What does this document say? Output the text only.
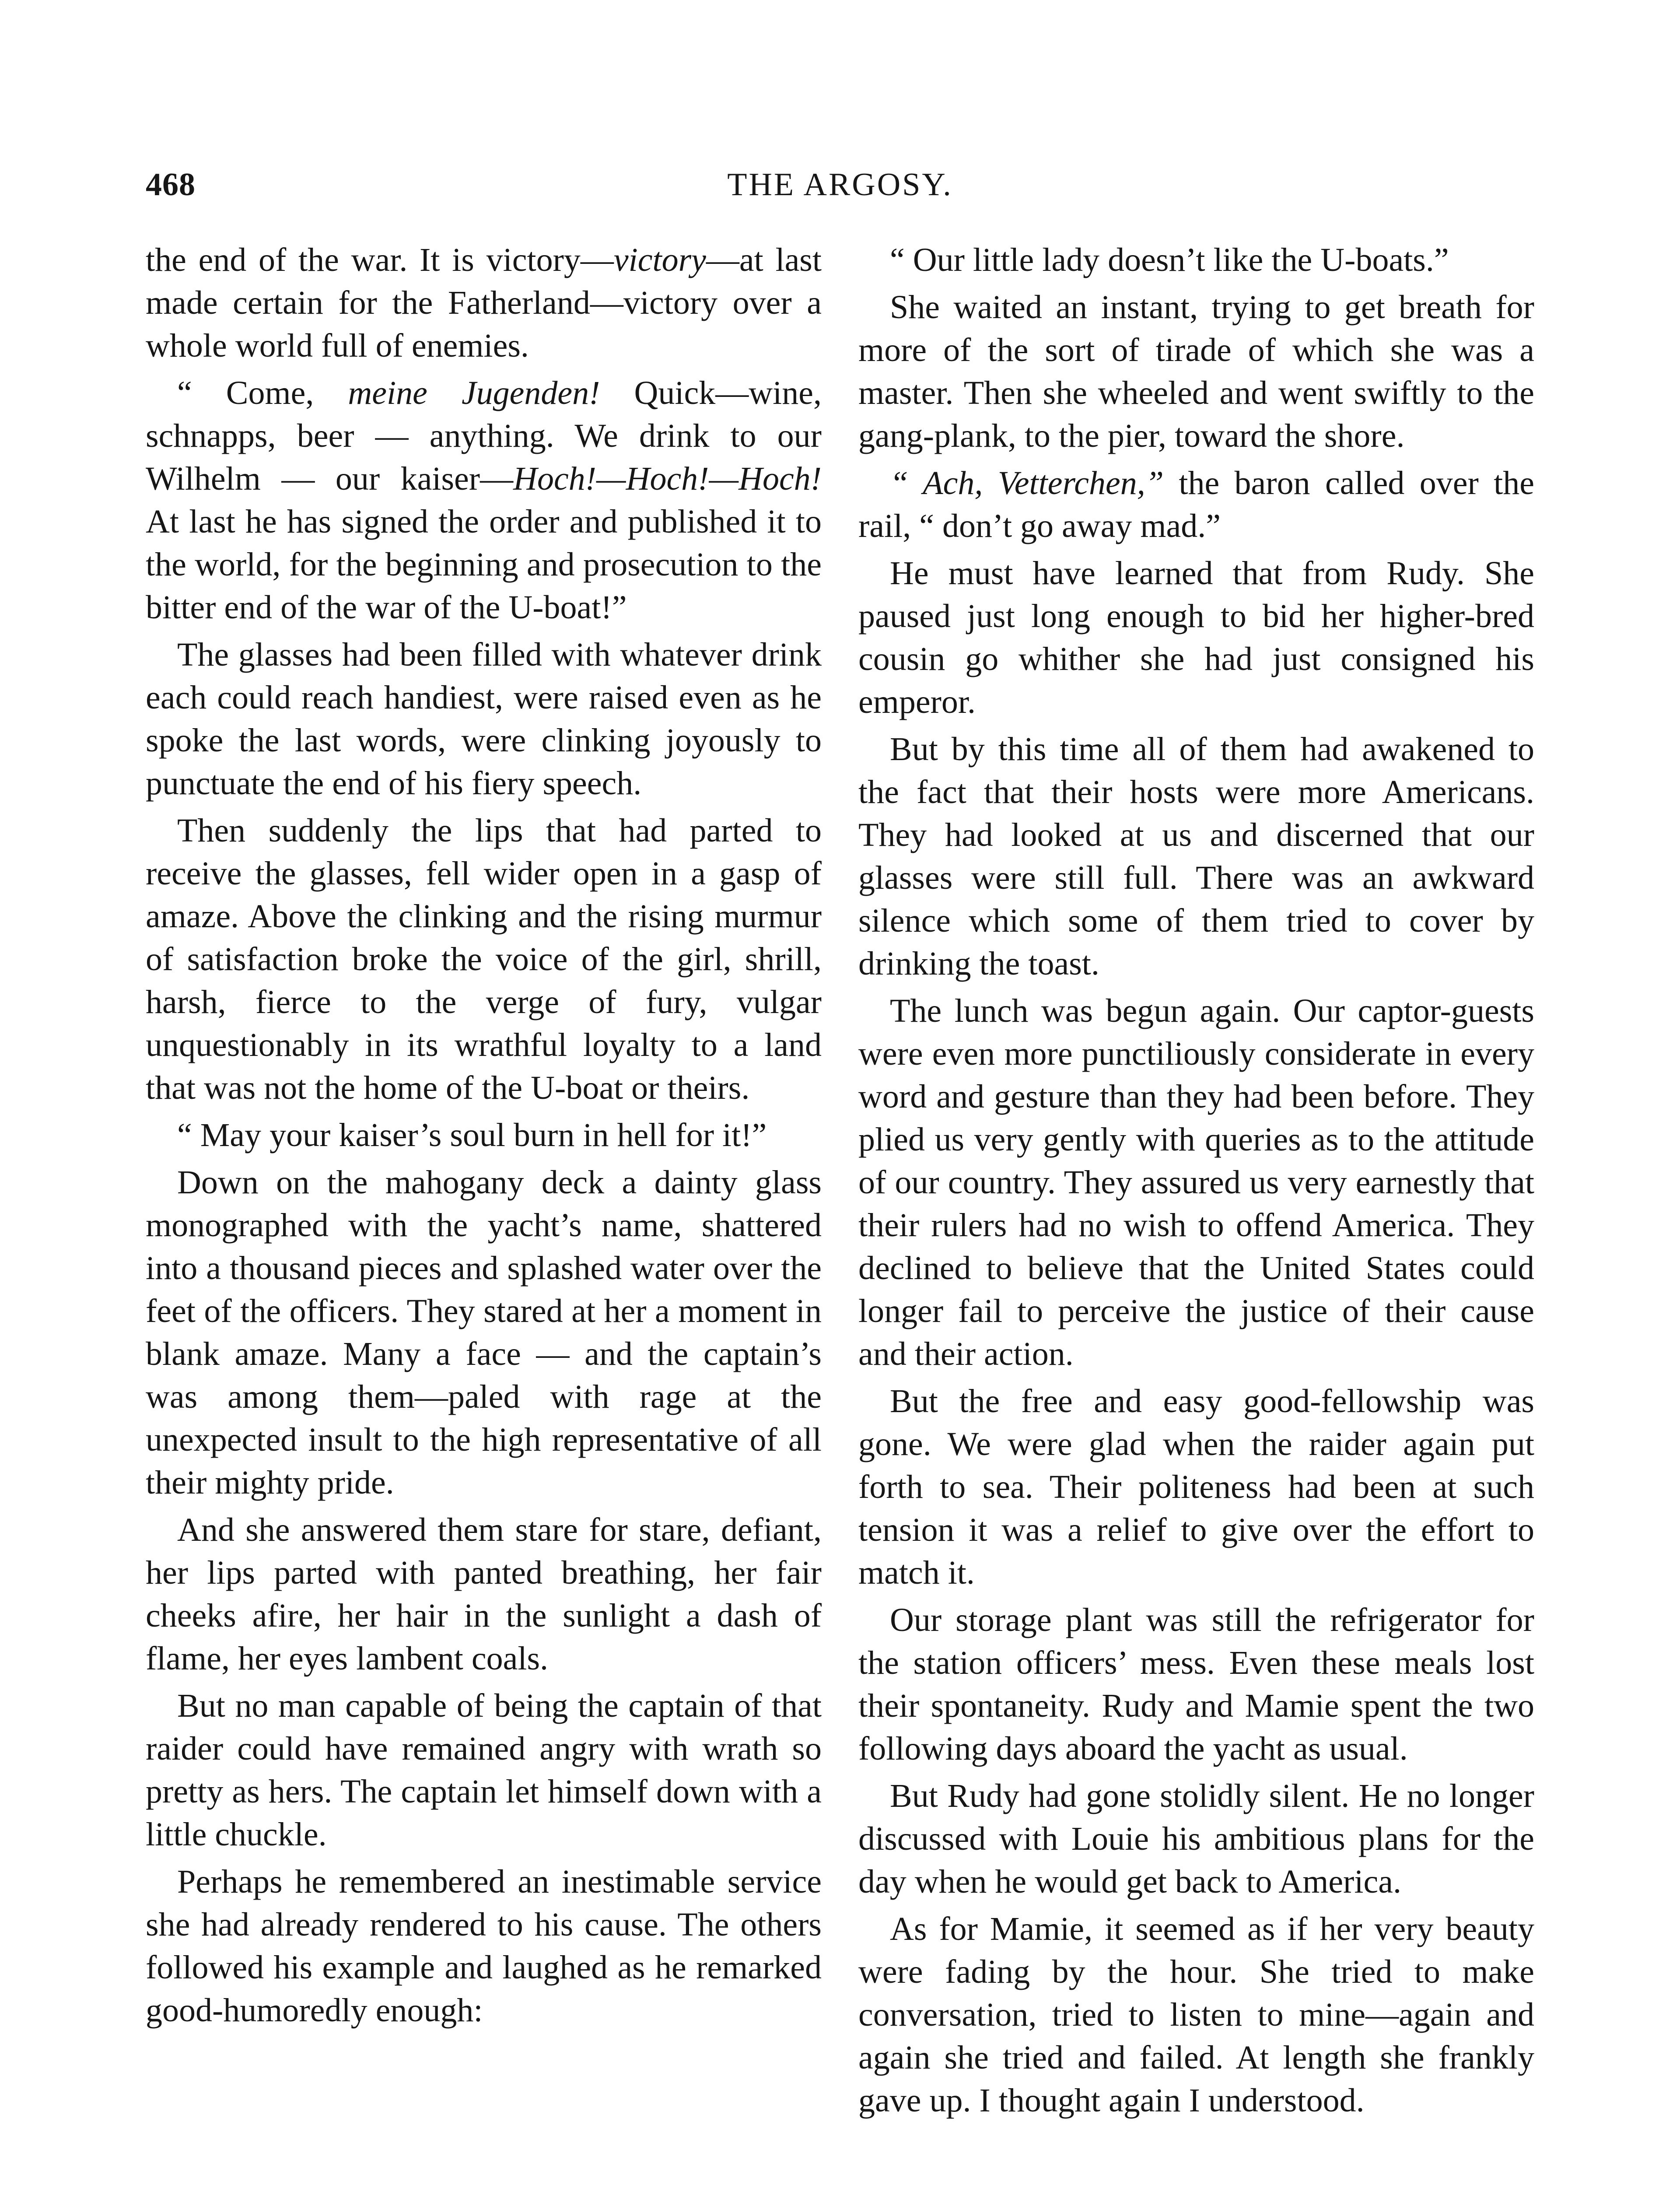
468	THE ARGOSY.

the end of the war. It is victory—victory—at last made certain for the Fatherland—victory over a whole world full of enemies.

“ Come, meine Jugenden! Quick—wine, schnapps, beer — anything. We drink to our Wilhelm — our kaiser—Hoch!—Hoch!—Hoch! At last he has signed the order and published it to the world, for the beginning and prosecution to the bitter end of the war of the U-boat!”

The glasses had been filled with whatever drink each could reach handiest, were raised even as he spoke the last words, were clinking joyously to punctuate the end of his fiery speech.

Then suddenly the lips that had parted to receive the glasses, fell wider open in a gasp of amaze. Above the clinking and the rising murmur of satisfaction broke the voice of the girl, shrill, harsh, fierce to the verge of fury, vulgar unquestionably in its wrathful loyalty to a land that was not the home of the U-boat or theirs.

“ May your kaiser’s soul burn in hell for it!”

Down on the mahogany deck a dainty glass monographed with the yacht’s name, shattered into a thousand pieces and splashed water over the feet of the officers. They stared at her a moment in blank amaze. Many a face — and the captain’s was among them—paled with rage at the unexpected insult to the high representative of all their mighty pride.

And she answered them stare for stare, defiant, her lips parted with panted breathing, her fair cheeks afire, her hair in the sunlight a dash of flame, her eyes lambent coals.

But no man capable of being the captain of that raider could have remained angry with wrath so pretty as hers. The captain let himself down with a little chuckle.

Perhaps he remembered an inestimable service she had already rendered to his cause. The others followed his example and laughed as he remarked good-humoredly enough:

“ Our little lady doesn’t like the U-boats.”

She waited an instant, trying to get breath for more of the sort of tirade of which she was a master. Then she wheeled and went swiftly to the gang-plank, to the pier, toward the shore.

“ Ach, Vetterchen,” the baron called over the rail, “ don’t go away mad.”

He must have learned that from Rudy. She paused just long enough to bid her higher-bred cousin go whither she had just consigned his emperor.

But by this time all of them had awakened to the fact that their hosts were more Americans. They had looked at us and discerned that our glasses were still full. There was an awkward silence which some of them tried to cover by drinking the toast.

The lunch was begun again. Our captor-guests were even more punctiliously considerate in every word and gesture than they had been before. They plied us very gently with queries as to the attitude of our country. They assured us very earnestly that their rulers had no wish to offend America. They declined to believe that the United States could longer fail to perceive the justice of their cause and their action.

But the free and easy good-fellowship was gone. We were glad when the raider again put forth to sea. Their politeness had been at such tension it was a relief to give over the effort to match it.

Our storage plant was still the refrigerator for the station officers’ mess. Even these meals lost their spontaneity. Rudy and Mamie spent the two following days aboard the yacht as usual.

But Rudy had gone stolidly silent. He no longer discussed with Louie his ambitious plans for the day when he would get back to America.

As for Mamie, it seemed as if her very beauty were fading by the hour. She tried to make conversation, tried to listen to mine—again and again she tried and failed. At length she frankly gave up. I thought again I understood.
